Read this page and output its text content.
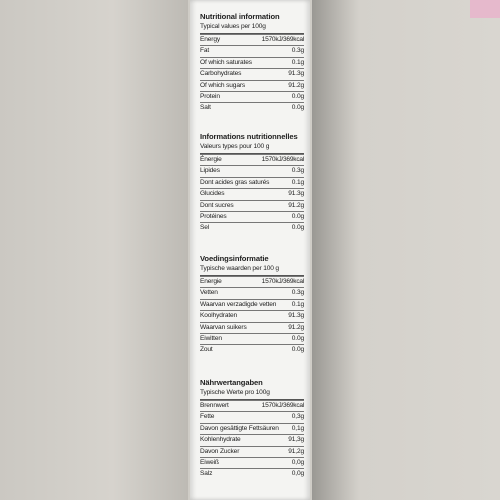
Nutritional information
Typical values per 100g
Energy	1570kJ/369kcal
Fat	0.3g
Of which saturates	0.1g
Carbohydrates	91.3g
Of which sugars	91.2g
Protein	0.0g
Salt	0.0g
Informations nutritionnelles
Valeurs types pour 100 g
Énergie	1570kJ/369kcal
Lipides	0.3g
Dont acides gras saturés	0.1g
Glucides	91.3g
Dont sucres	91.2g
Protéines	0.0g
Sel	0.0g
Voedingsinformatie
Typische waarden per 100 g
Energie	1570kJ/369kcal
Vetten	0.3g
Waarvan verzadigde vetten 0.1g
Koolhydraten	91.3g
Waarvan suikers	91.2g
Eiwitten	0.0g
Zout	0.0g
Nährwertangaben
Typische Werte pro 100g
Brennwert	1570kJ/369kcal
Fette	0,3g
Davon gesättigte Fettsäuren 0,1g
Kohlenhydrate	91,3g
Davon Zucker	91,2g
Eiweiß	0,0g
Salz	0,0g
